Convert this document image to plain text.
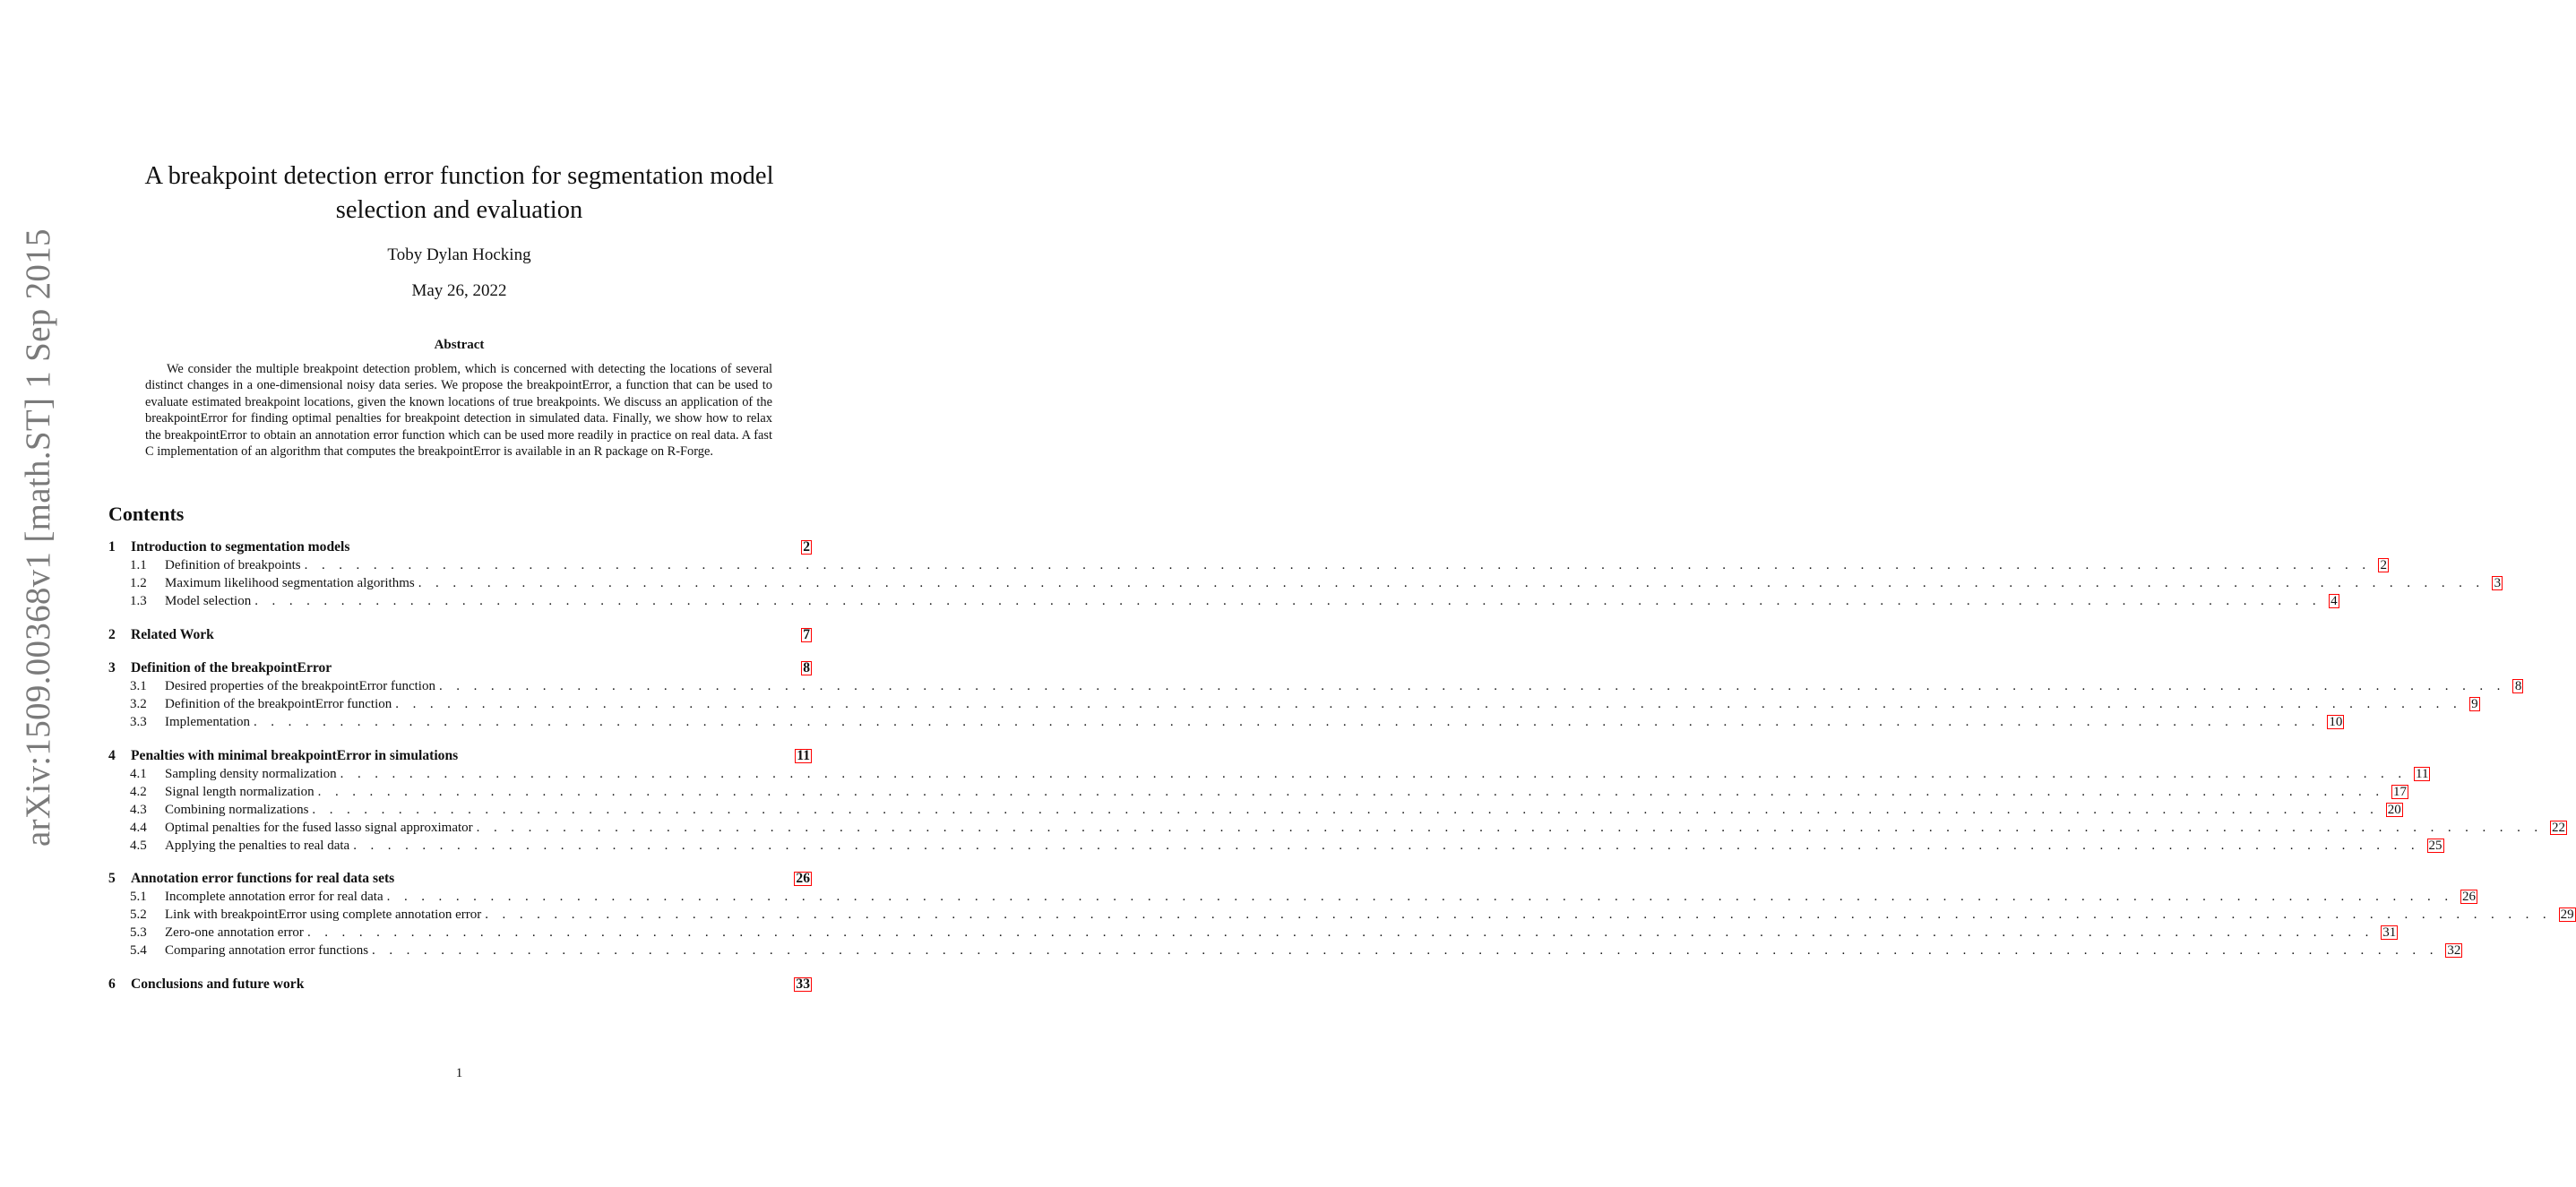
arXiv:1509.00368v1 [math.ST] 1 Sep 2015
A breakpoint detection error function for segmentation model selection and evaluation
Toby Dylan Hocking
May 26, 2022
Abstract

We consider the multiple breakpoint detection problem, which is concerned with detecting the locations of several distinct changes in a one-dimensional noisy data series. We propose the breakpointError, a function that can be used to evaluate estimated breakpoint locations, given the known locations of true breakpoints. We discuss an application of the breakpointError for finding optimal penalties for breakpoint detection in simulated data. Finally, we show how to relax the breakpointError to obtain an annotation error function which can be used more readily in practice on real data. A fast C implementation of an algorithm that computes the breakpointError is available in an R package on R-Forge.

Contents
1	Introduction to segmentation models	2
1.1	Definition of breakpoints . . . . . . . . . . . . . . . . . . . . . . . . . . . . . . . . . . . . . . . . . . . . . . . . . . . . . . . . . . . . . . . . . . . . . . . . . . . . . . . . . . . . . . . . . . . . . . . . . . . . . . . . . . . . . . . . . . . . . . . . 2
1.2	Maximum likelihood segmentation algorithms . . . . . . . . . . . . . . . . . . . . . . . . . . . . . . . . . . . . . . . . . . . . . . . . . . . . . . . . . . . . . . . . . . . . . . . . . . . . . . . . . . . . . . . . . . . . . . . . . . . . . . . . . . . . . . . . . . . . . . . . 3
1.3	Model selection . . . . . . . . . . . . . . . . . . . . . . . . . . . . . . . . . . . . . . . . . . . . . . . . . . . . . . . . . . . . . . . . . . . . . . . . . . . . . . . . . . . . . . . . . . . . . . . . . . . . . . . . . . . . . . . . . . . . . . . . 4
2	Related Work	7
3	Definition of the breakpointError	8
3.1	Desired properties of the breakpointError function . . . . . . . . . . . . . . . . . . . . . . . . . . . . . . . . . . . . . . . . . . . . . . . . . . . . . . . . . . . . . . . . . . . . . . . . . . . . . . . . . . . . . . . . . . . . . . . . . . . . . . . . . . . . . . . . . . . . . . . . 8
3.2	Definition of the breakpointError function . . . . . . . . . . . . . . . . . . . . . . . . . . . . . . . . . . . . . . . . . . . . . . . . . . . . . . . . . . . . . . . . . . . . . . . . . . . . . . . . . . . . . . . . . . . . . . . . . . . . . . . . . . . . . . . . . . . . . . . . 9
3.3	Implementation . . . . . . . . . . . . . . . . . . . . . . . . . . . . . . . . . . . . . . . . . . . . . . . . . . . . . . . . . . . . . . . . . . . . . . . . . . . . . . . . . . . . . . . . . . . . . . . . . . . . . . . . . . . . . . . . . . . . . . . . 10
4	Penalties with minimal breakpointError in simulations	11
4.1	Sampling density normalization . . . . . . . . . . . . . . . . . . . . . . . . . . . . . . . . . . . . . . . . . . . . . . . . . . . . . . . . . . . . . . . . . . . . . . . . . . . . . . . . . . . . . . . . . . . . . . . . . . . . . . . . . . . . . . . . . . . . . . . . 11
4.2	Signal length normalization . . . . . . . . . . . . . . . . . . . . . . . . . . . . . . . . . . . . . . . . . . . . . . . . . . . . . . . . . . . . . . . . . . . . . . . . . . . . . . . . . . . . . . . . . . . . . . . . . . . . . . . . . . . . . . . . . . . . . . . . 17
4.3	Combining normalizations . . . . . . . . . . . . . . . . . . . . . . . . . . . . . . . . . . . . . . . . . . . . . . . . . . . . . . . . . . . . . . . . . . . . . . . . . . . . . . . . . . . . . . . . . . . . . . . . . . . . . . . . . . . . . . . . . . . . . . . . 20
4.4	Optimal penalties for the fused lasso signal approximator . . . . . . . . . . . . . . . . . . . . . . . . . . . . . . . . . . . . . . . . . . . . . . . . . . . . . . . . . . . . . . . . . . . . . . . . . . . . . . . . . . . . . . . . . . . . . . . . . . . . . . . . . . . . . . . . . . . . . . . . 22
4.5	Applying the penalties to real data . . . . . . . . . . . . . . . . . . . . . . . . . . . . . . . . . . . . . . . . . . . . . . . . . . . . . . . . . . . . . . . . . . . . . . . . . . . . . . . . . . . . . . . . . . . . . . . . . . . . . . . . . . . . . . . . . . . . . . . . 25
5	Annotation error functions for real data sets	26
5.1	Incomplete annotation error for real data . . . . . . . . . . . . . . . . . . . . . . . . . . . . . . . . . . . . . . . . . . . . . . . . . . . . . . . . . . . . . . . . . . . . . . . . . . . . . . . . . . . . . . . . . . . . . . . . . . . . . . . . . . . . . . . . . . . . . . . . 26
5.2	Link with breakpointError using complete annotation error . . . . . . . . . . . . . . . . . . . . . . . . . . . . . . . . . . . . . . . . . . . . . . . . . . . . . . . . . . . . . . . . . . . . . . . . . . . . . . . . . . . . . . . . . . . . . . . . . . . . . . . . . . . . . . . . . . . . . . . . 29
5.3	Zero-one annotation error . . . . . . . . . . . . . . . . . . . . . . . . . . . . . . . . . . . . . . . . . . . . . . . . . . . . . . . . . . . . . . . . . . . . . . . . . . . . . . . . . . . . . . . . . . . . . . . . . . . . . . . . . . . . . . . . . . . . . . . . 31
5.4	Comparing annotation error functions . . . . . . . . . . . . . . . . . . . . . . . . . . . . . . . . . . . . . . . . . . . . . . . . . . . . . . . . . . . . . . . . . . . . . . . . . . . . . . . . . . . . . . . . . . . . . . . . . . . . . . . . . . . . . . . . . . . . . . . . 32
6	Conclusions and future work	33
1
